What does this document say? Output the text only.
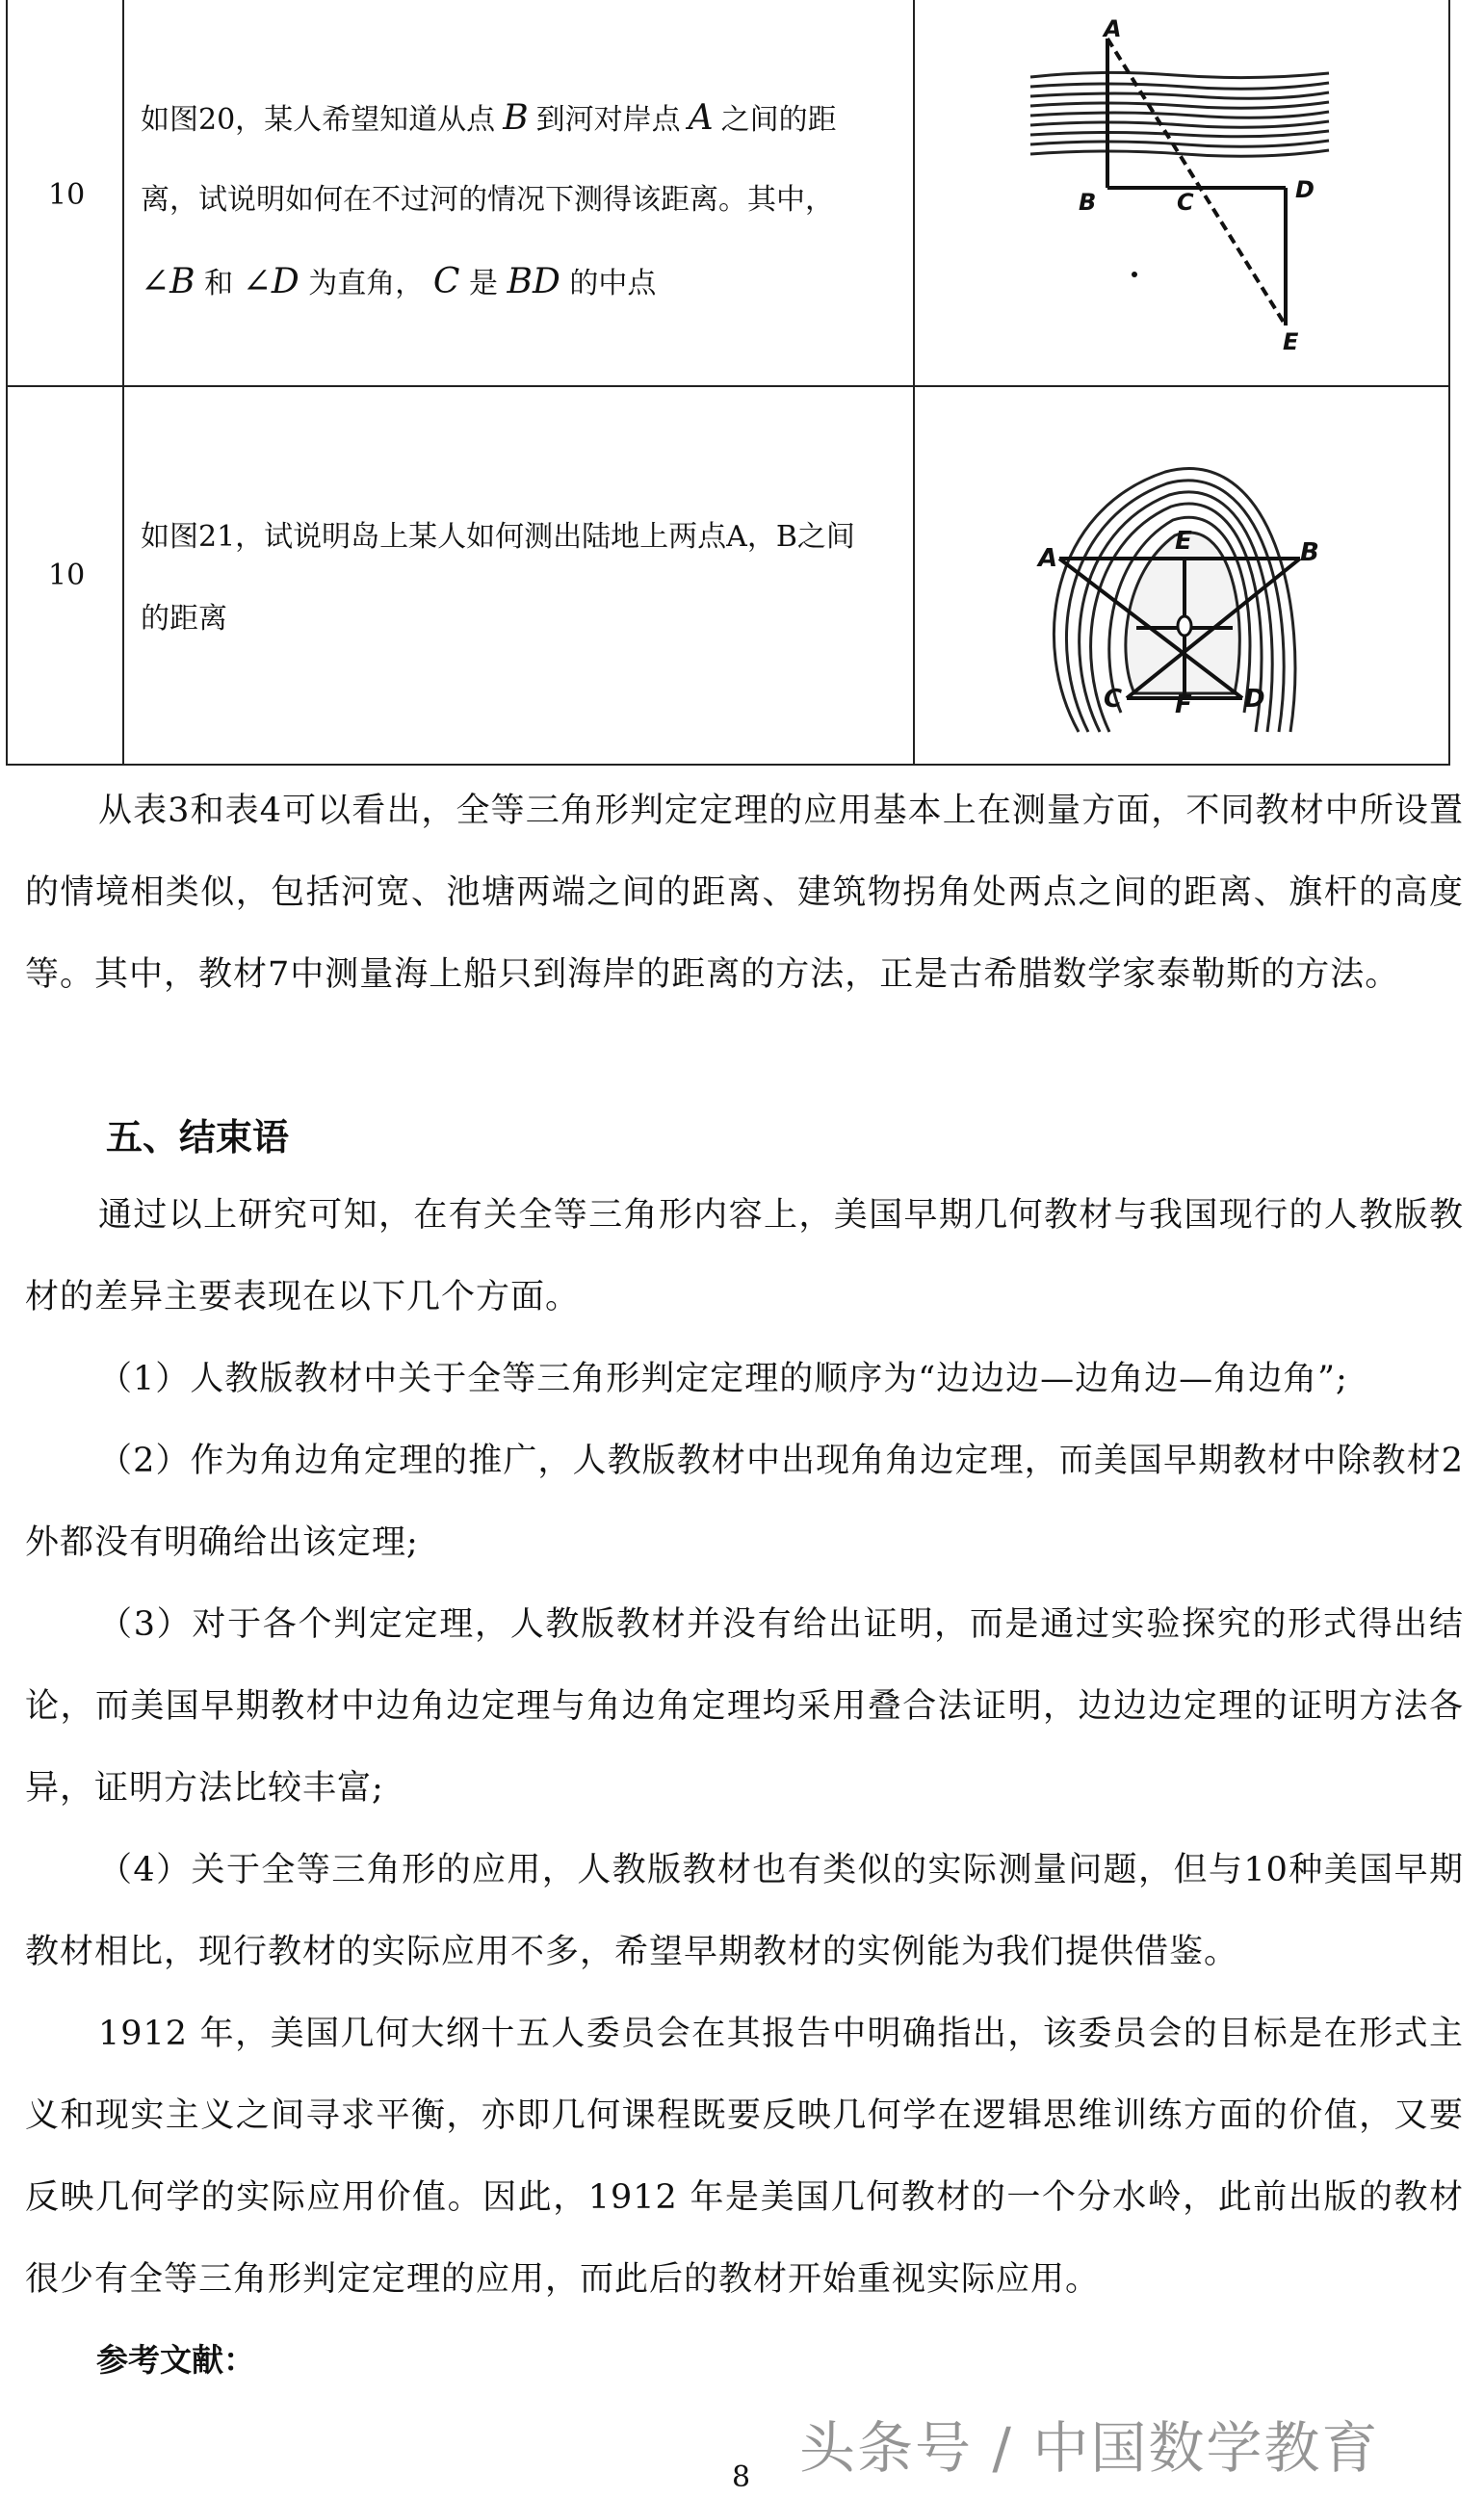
10
如图20，某人希望知道从点 B 到河对岸点 A 之间的距
离，试说明如何在不过河的情况下测得该距离。其中，
∠B 和 ∠D 为直角， C 是 BD 的中点
A
B	C	D
E
10
如图21，试说明岛上某人如何测出陆地上两点A，B之间
的距离
A
E	B
C F D
从表3和表4可以看出，全等三角形判定定理的应用基本上在测量方面，不同教材中所设置的情境相类似，包括河宽、池塘两端之间的距离、建筑物拐角处两点之间的距离、旗杆的高度等。其中，教材7中测量海上船只到海岸的距离的方法，正是古希腊数学家泰勒斯的方法。
五、结束语
通过以上研究可知，在有关全等三角形内容上，美国早期几何教材与我国现行的人教版教材的差异主要表现在以下几个方面。
（1）人教版教材中关于全等三角形判定定理的顺序为“边边边—边角边—角边角”;
（2）作为角边角定理的推广，人教版教材中出现角角边定理，而美国早期教材中除教材2外都没有明确给出该定理;
（3）对于各个判定定理，人教版教材并没有给出证明，而是通过实验探究的形式得出结论，而美国早期教材中边角边定理与角边角定理均采用叠合法证明，边边边定理的证明方法各异，证明方法比较丰富;
（4）关于全等三角形的应用，人教版教材也有类似的实际测量问题，但与10种美国早期教材相比，现行教材的实际应用不多，希望早期教材的实例能为我们提供借鉴。
1912 年，美国几何大纲十五人委员会在其报告中明确指出，该委员会的目标是在形式主义和现实主义之间寻求平衡，亦即几何课程既要反映几何学在逻辑思维训练方面的价值，又要反映几何学的实际应用价值。因此，1912 年是美国几何教材的一个分水岭，此前出版的教材很少有全等三角形判定定理的应用，而此后的教材开始重视实际应用。
参考文献：
头条号 / 中国数学教育
8
